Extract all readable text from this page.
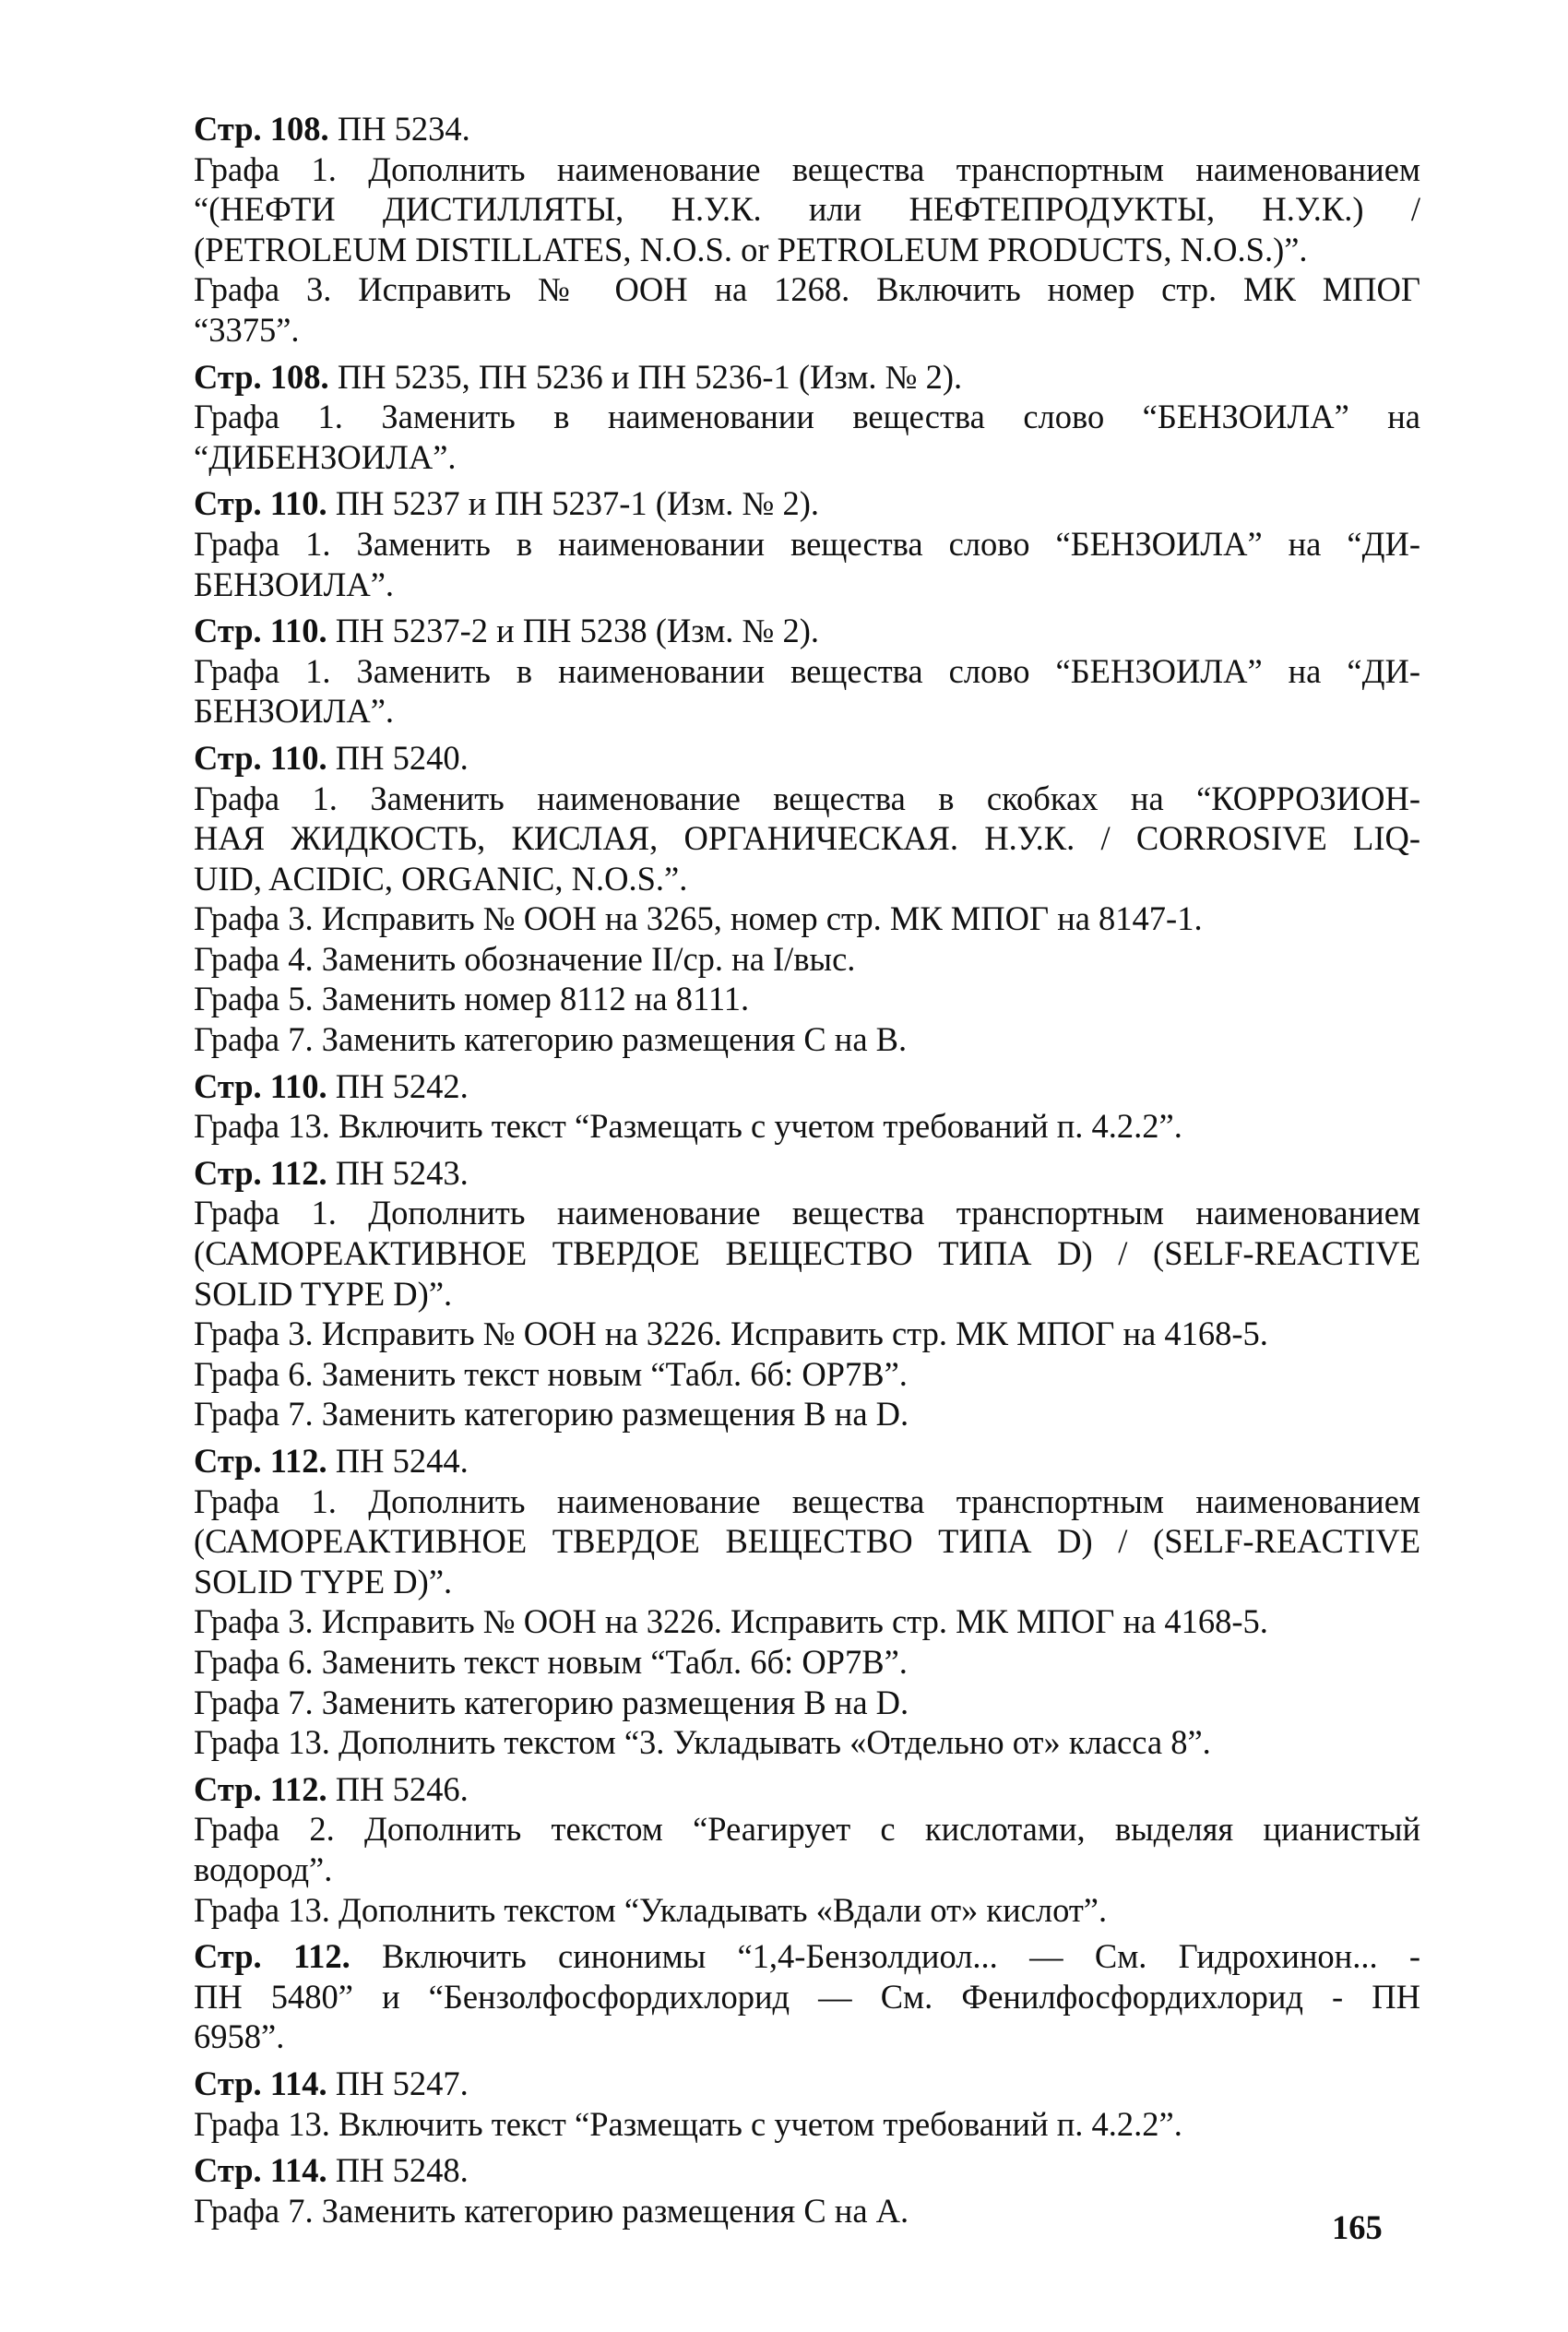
Стр. 108. ПН 5234.

Графа 1. Дополнить наименование вещества транспортным наименованием

“(НЕФТИ ДИСТИЛЛЯТЫ, Н.У.К. или НЕФТЕПРОДУКТЫ, Н.У.К.) /

(PETROLEUM DISTILLATES, N.O.S. or PETROLEUM PRODUCTS, N.O.S.)”.

Графа 3. Исправить № ООН на 1268. Включить номер стр. МК МПОГ

“3375”.

Стр. 108. ПН 5235, ПН 5236 и ПН 5236-1 (Изм. № 2).

Графа 1. Заменить в наименовании вещества слово “БЕНЗОИЛА” на

“ДИБЕНЗОИЛА”.

Стр. 110. ПН 5237 и ПН 5237-1 (Изм. № 2).

Графа 1. Заменить в наименовании вещества слово “БЕНЗОИЛА” на “ДИ-

БЕНЗОИЛА”.

Стр. 110. ПН 5237-2 и ПН 5238 (Изм. № 2).

Графа 1. Заменить в наименовании вещества слово “БЕНЗОИЛА” на “ДИ-

БЕНЗОИЛА”.

Стр. 110. ПН 5240.

Графа 1. Заменить наименование вещества в скобках на “КОРРОЗИОН-

НАЯ ЖИДКОСТЬ, КИСЛАЯ, ОРГАНИЧЕСКАЯ. Н.У.К. / CORROSIVE LIQ-

UID, ACIDIC, ORGANIC, N.O.S.”.

Графа 3. Исправить № ООН на 3265, номер стр. МК МПОГ на 8147-1.

Графа 4. Заменить обозначение II/ср. на I/выс.

Графа 5. Заменить номер 8112 на 8111.

Графа 7. Заменить категорию размещения С на В.

Стр. 110. ПН 5242.

Графа 13. Включить текст “Размещать с учетом требований п. 4.2.2”.

Стр. 112. ПН 5243.

Графа 1. Дополнить наименование вещества транспортным наименованием

(САМОРЕАКТИВНОЕ ТВЕРДОЕ ВЕЩЕСТВО ТИПА D) / (SELF-REACTIVE

SOLID TYPE D)”.

Графа 3. Исправить № ООН на 3226. Исправить стр. МК МПОГ на 4168-5.

Графа 6. Заменить текст новым “Табл. 6б: OP7B”.

Графа 7. Заменить категорию размещения В на D.

Стр. 112. ПН 5244.

Графа 1. Дополнить наименование вещества транспортным наименованием

(САМОРЕАКТИВНОЕ ТВЕРДОЕ ВЕЩЕСТВО ТИПА D) / (SELF-REACTIVE

SOLID TYPE D)”.

Графа 3. Исправить № ООН на 3226. Исправить стр. МК МПОГ на 4168-5.

Графа 6. Заменить текст новым “Табл. 6б: OP7B”.

Графа 7. Заменить категорию размещения В на D.

Графа 13. Дополнить текстом “3. Укладывать «Отдельно от» класса 8”.

Стр. 112. ПН 5246.

Графа 2. Дополнить текстом “Реагирует с кислотами, выделяя цианистый

водород”.

Графа 13. Дополнить текстом “Укладывать «Вдали от» кислот”.

Стр. 112. Включить синонимы “1,4-Бензолдиол... — См. Гидрохинон... -

ПН 5480” и “Бензолфосфордихлорид — См. Фенилфосфордихлорид - ПН

6958”.

Стр. 114. ПН 5247.

Графа 13. Включить текст “Размещать с учетом требований п. 4.2.2”.

Стр. 114. ПН 5248.

Графа 7. Заменить категорию размещения С на А.	165
